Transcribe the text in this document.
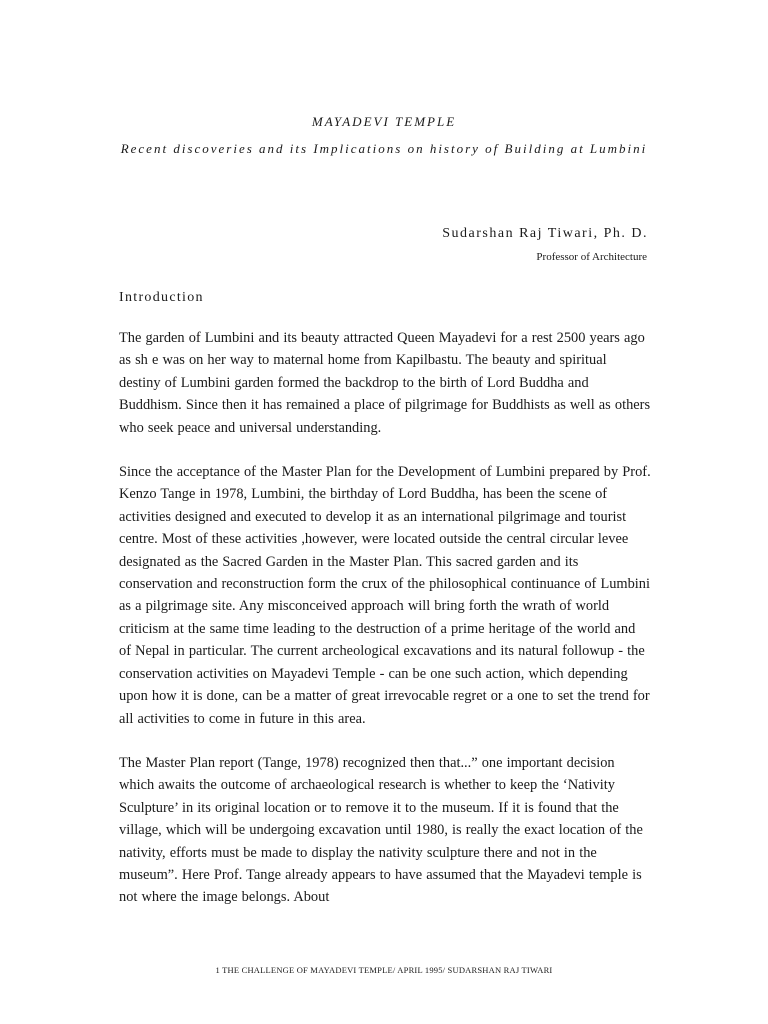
MAYADEVI TEMPLE
Recent discoveries and its Implications on history of Building at Lumbini
Sudarshan Raj Tiwari, Ph. D.
Professor of Architecture
Introduction

The garden of Lumbini and its beauty attracted Queen Mayadevi for a rest 2500 years ago as sh e was on her way to maternal home from Kapilbastu. The beauty and spiritual destiny of Lumbini garden formed the backdrop to the birth of Lord Buddha and Buddhism. Since then it has remained a place of pilgrimage for Buddhists as well as others who seek peace and universal understanding.

Since the acceptance of the Master Plan for the Development of Lumbini prepared by Prof. Kenzo Tange in 1978, Lumbini, the birthday of Lord Buddha, has been the scene of activities designed and executed to develop it as an international pilgrimage and tourist centre. Most of these activities ,however, were located outside the central circular levee designated as the Sacred Garden in the Master Plan. This sacred garden and its conservation and reconstruction form the crux of the philosophical continuance of Lumbini as a pilgrimage site. Any misconceived approach will bring forth the wrath of world criticism at the same time leading to the destruction of a prime heritage of the world and of Nepal in particular. The current archeological excavations and its natural followup - the conservation activities on Mayadevi Temple - can be one such action, which depending upon how it is done, can be a matter of great irrevocable regret or a one to set the trend for all activities to come in future in this area.

The Master Plan report (Tange, 1978) recognized then that...” one important decision which awaits the outcome of archaeological research is whether to keep the ‘Nativity Sculpture’ in its original location or to remove it to the museum. If it is found that the village, which will be undergoing excavation until 1980, is really the exact location of the nativity, efforts must be made to display the nativity sculpture there and not in the museum”. Here Prof. Tange already appears to have assumed that the Mayadevi temple is not where the image belongs. About

1 THE CHALLENGE OF MAYADEVI TEMPLE/ APRIL 1995/ SUDARSHAN RAJ TIWARI
